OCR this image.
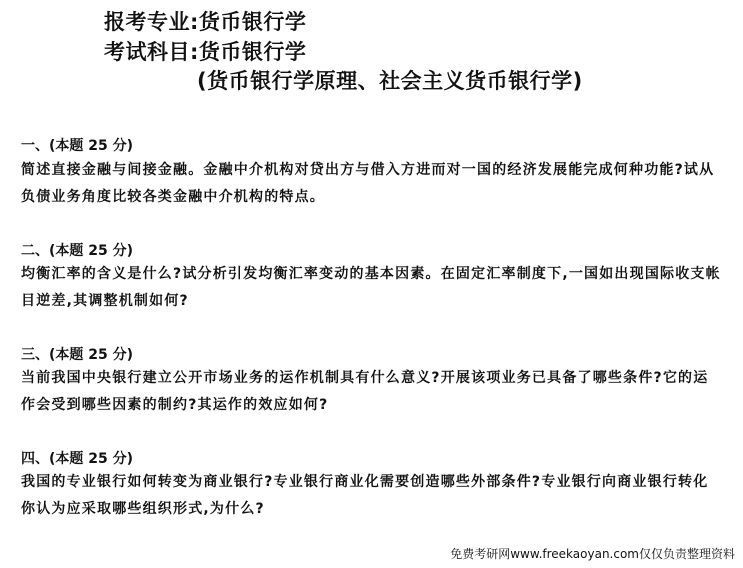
报考专业:货币银行学
考试科目:货币银行学
(货币银行学原理、社会主义货币银行学)
一、(本题 25 分)
简述直接金融与间接金融。金融中介机构对贷出方与借入方进而对一国的经济发展能完成何种功能?试从负债业务角度比较各类金融中介机构的特点。
二、(本题 25 分)
均衡汇率的含义是什么?试分析引发均衡汇率变动的基本因素。在固定汇率制度下,一国如出现国际收支帐目逆差,其调整机制如何?
三、(本题 25 分)
当前我国中央银行建立公开市场业务的运作机制具有什么意义?开展该项业务已具备了哪些条件?它的运作会受到哪些因素的制约?其运作的效应如何?
四、(本题 25 分)
我国的专业银行如何转变为商业银行?专业银行商业化需要创造哪些外部条件?专业银行向商业银行转化你认为应采取哪些组织形式,为什么?
免费考研网www.freekaoyan.com仅仅负责整理资料
